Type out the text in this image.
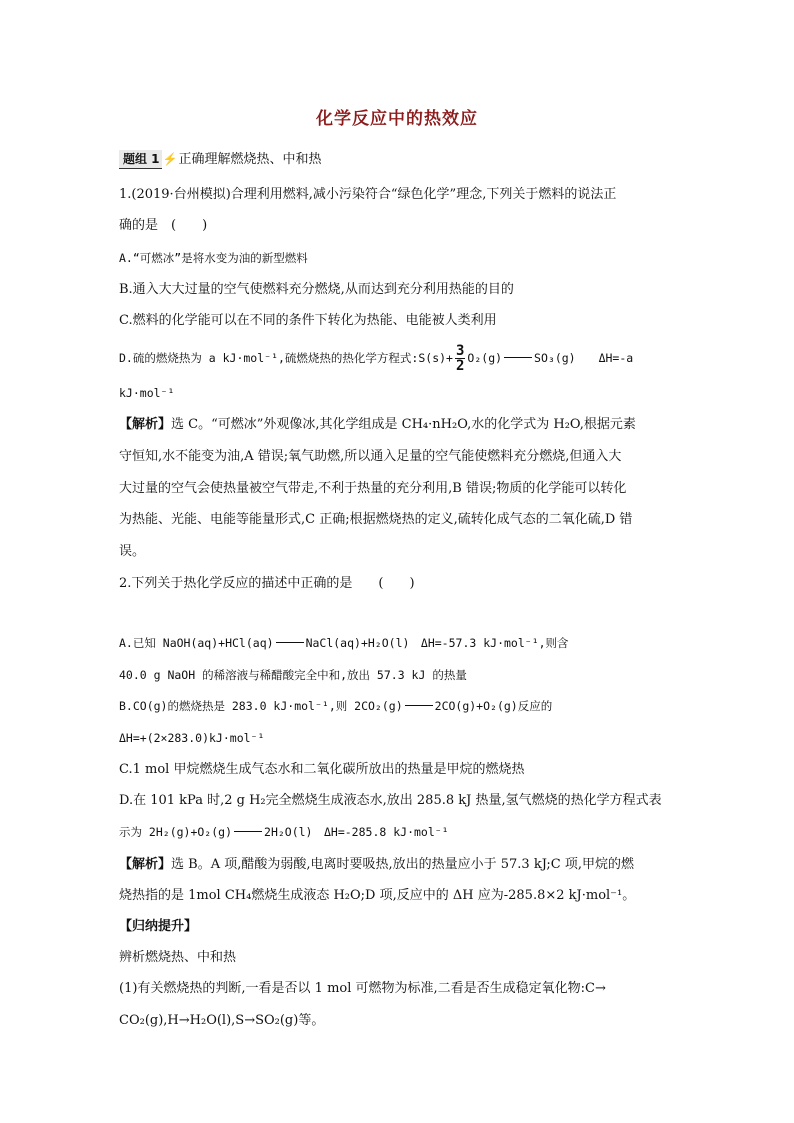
化学反应中的热效应
题组 1 ⚡正确理解燃烧热、中和热
1.(2019·台州模拟)合理利用燃料,减小污染符合“绿色化学”理念,下列关于燃料的说法正
确的是　(　　)
A.“可燃冰”是将水变为油的新型燃料
B.通入大大过量的空气使燃料充分燃烧,从而达到充分利用热能的目的
C.燃料的化学能可以在不同的条件下转化为热能、电能被人类利用
D.硫的燃烧热为 a kJ·mol⁻¹,硫燃烧热的热化学方程式:S(s)+ $\frac{3}{2} O_2(g)$	SO₃(g)　　ΔH=-a
kJ·mol⁻¹
【解析】选 C。“可燃冰”外观像冰,其化学组成是 CH₄·nH₂O,水的化学式为 H₂O,根据元素
守恒知,水不能变为油,A 错误;氧气助燃,所以通入足量的空气能使燃料充分燃烧,但通入大
大过量的空气会使热量被空气带走,不利于热量的充分利用,B 错误;物质的化学能可以转化
为热能、光能、电能等能量形式,C 正确;根据燃烧热的定义,硫转化成气态的二氧化硫,D 错
误。
2.下列关于热化学反应的描述中正确的是　　(　　)
A.已知 NaOH(aq)+HCl(aq)	NaCl(aq)+H₂O(l)　ΔH=-57.3 kJ·mol⁻¹,则含
40.0 g NaOH 的稀溶液与稀醋酸完全中和,放出 57.3 kJ 的热量
B.CO(g)的燃烧热是 283.0 kJ·mol⁻¹,则 2CO₂(g)	2CO(g)+O₂(g)反应的
ΔH=+(2×283.0)kJ·mol⁻¹
C.1 mol 甲烷燃烧生成气态水和二氧化碳所放出的热量是甲烷的燃烧热
D.在 101 kPa 时,2 g H₂完全燃烧生成液态水,放出 285.8 kJ 热量,氢气燃烧的热化学方程式表
示为 2H₂(g)+O₂(g)	2H₂O(l)　ΔH=-285.8 kJ·mol⁻¹
【解析】选 B。A 项,醋酸为弱酸,电离时要吸热,放出的热量应小于 57.3 kJ;C 项,甲烷的燃
烧热指的是 1mol CH₄燃烧生成液态 H₂O;D 项,反应中的 ΔH 应为-285.8×2 kJ·mol⁻¹。
【归纳提升】
辨析燃烧热、中和热
(1)有关燃烧热的判断,一看是否以 1 mol 可燃物为标准,二看是否生成稳定氧化物:C→
CO₂(g),H→H₂O(l),S→SO₂(g)等。
